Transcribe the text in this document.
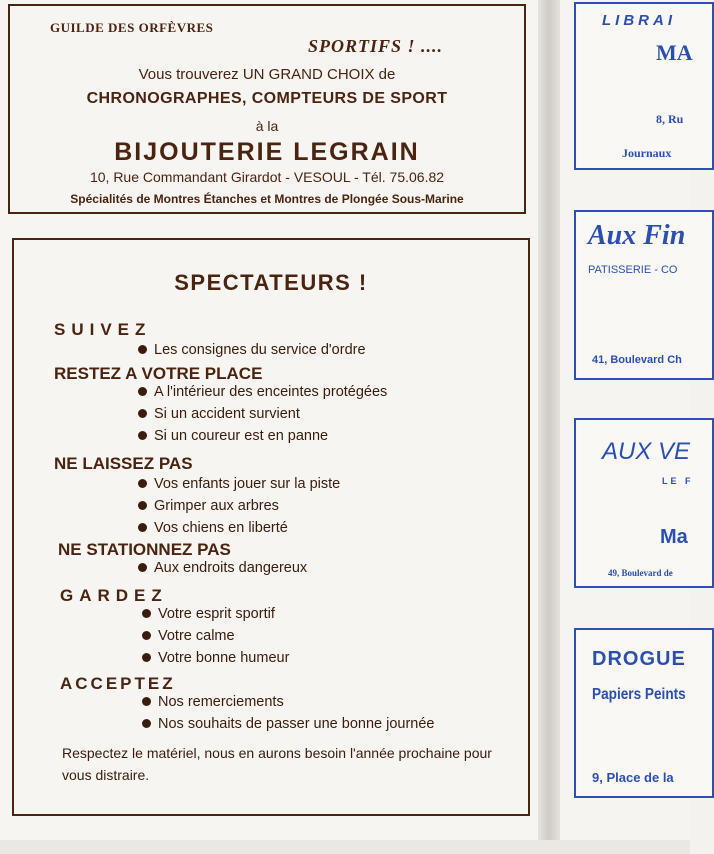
GUILDE DES ORFÈVRES
SPORTIFS ! ....
Vous trouverez UN GRAND CHOIX de
CHRONOGRAPHES, COMPTEURS DE SPORT
à la
BIJOUTERIE LEGRAIN
10, Rue Commandant Girardot - VESOUL - Tél. 75.06.82
Spécialités de Montres Étanches et Montres de Plongée Sous-Marine
SPECTATEURS !
SUIVEZ
Les consignes du service d'ordre
RESTEZ A VOTRE PLACE
A l'intérieur des enceintes protégées
Si un accident survient
Si un coureur est en panne
NE LAISSEZ PAS
Vos enfants jouer sur la piste
Grimper aux arbres
Vos chiens en liberté
NE STATIONNEZ PAS
Aux endroits dangereux
GARDEZ
Votre esprit sportif
Votre calme
Votre bonne humeur
ACCEPTEZ
Nos remerciements
Nos souhaits de passer une bonne journée
Respectez le matériel, nous en aurons besoin l'année prochaine pour vous distraire.
LIBRAI
MA
8, Ru
Journaux
Aux Fin
PATISSERIE - CO
41, Boulevard Ch
AUX VE
LE F
Ma
49, Boulevard de
DROGUE
Papiers Peints
9, Place de la
